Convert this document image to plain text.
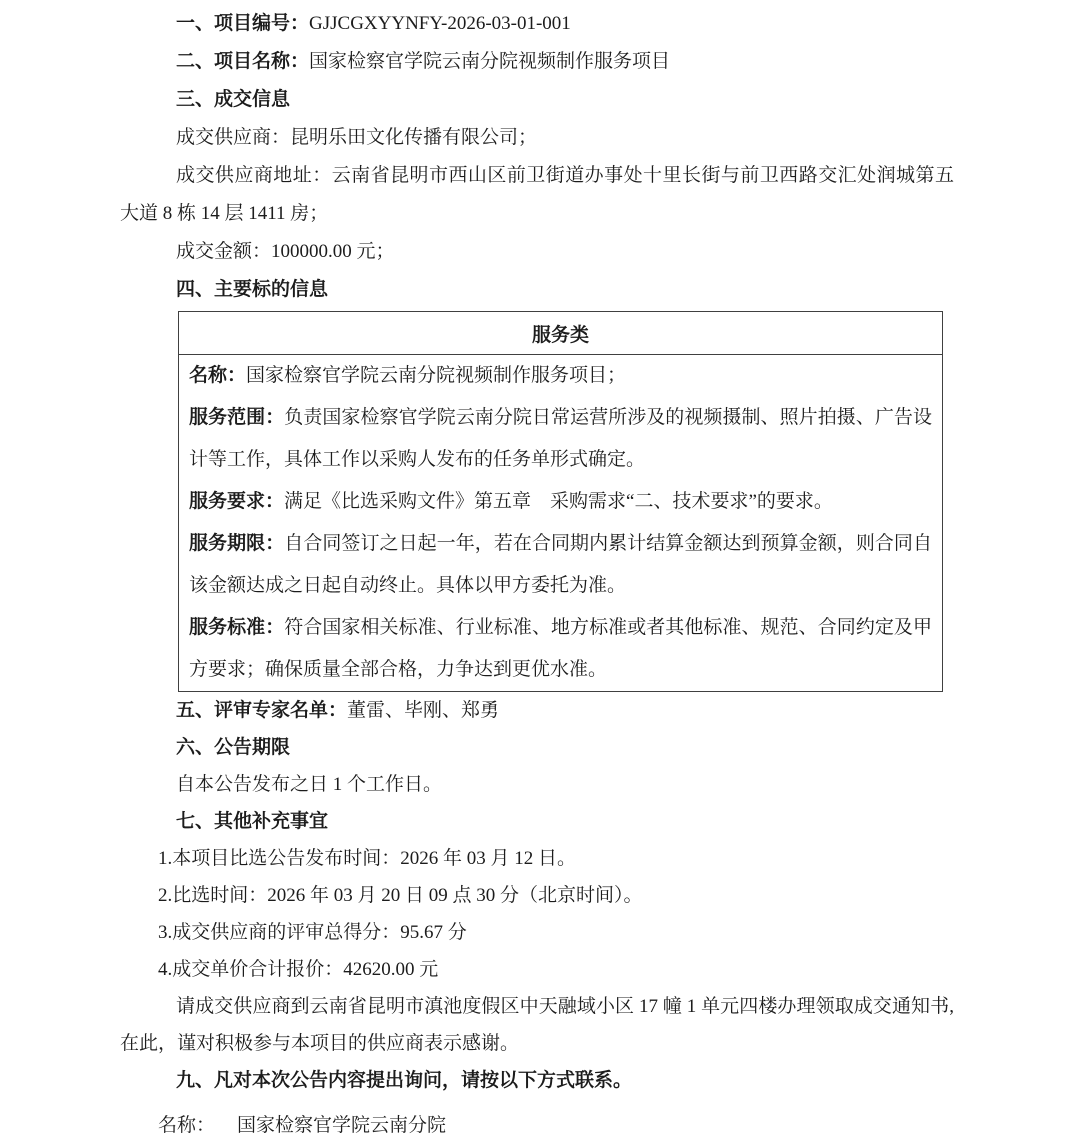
一、项目编号：GJJCGXYYNFY-2026-03-01-001

二、项目名称：国家检察官学院云南分院视频制作服务项目

三、成交信息

成交供应商：昆明乐田文化传播有限公司；

成交供应商地址：云南省昆明市西山区前卫街道办事处十里长街与前卫西路交汇处润城第五大道 8 栋 14 层 1411 房；

成交金额：100000.00 元；

四、主要标的信息

服务类

名称：国家检察官学院云南分院视频制作服务项目；

服务范围：负责国家检察官学院云南分院日常运营所涉及的视频摄制、照片拍摄、广告设计等工作，具体工作以采购人发布的任务单形式确定。

服务要求：满足《比选采购文件》第五章　采购需求“二、技术要求”的要求。

服务期限：自合同签订之日起一年，若在合同期内累计结算金额达到预算金额，则合同自该金额达成之日起自动终止。具体以甲方委托为准。

服务标准：符合国家相关标准、行业标准、地方标准或者其他标准、规范、合同约定及甲方要求；确保质量全部合格，力争达到更优水准。

五、评审专家名单：董雷、毕刚、郑勇

六、公告期限

自本公告发布之日 1 个工作日。

七、其他补充事宜

1.本项目比选公告发布时间：2026 年 03 月 12 日。

2.比选时间：2026 年 03 月 20 日 09 点 30 分（北京时间）。

3.成交供应商的评审总得分：95.67 分

4.成交单价合计报价：42620.00 元

请成交供应商到云南省昆明市滇池度假区中天融域小区 17 幢 1 单元四楼办理领取成交通知书,在此，谨对积极参与本项目的供应商表示感谢。

九、凡对本次公告内容提出询问，请按以下方式联系。

名称： 国家检察官学院云南分院
